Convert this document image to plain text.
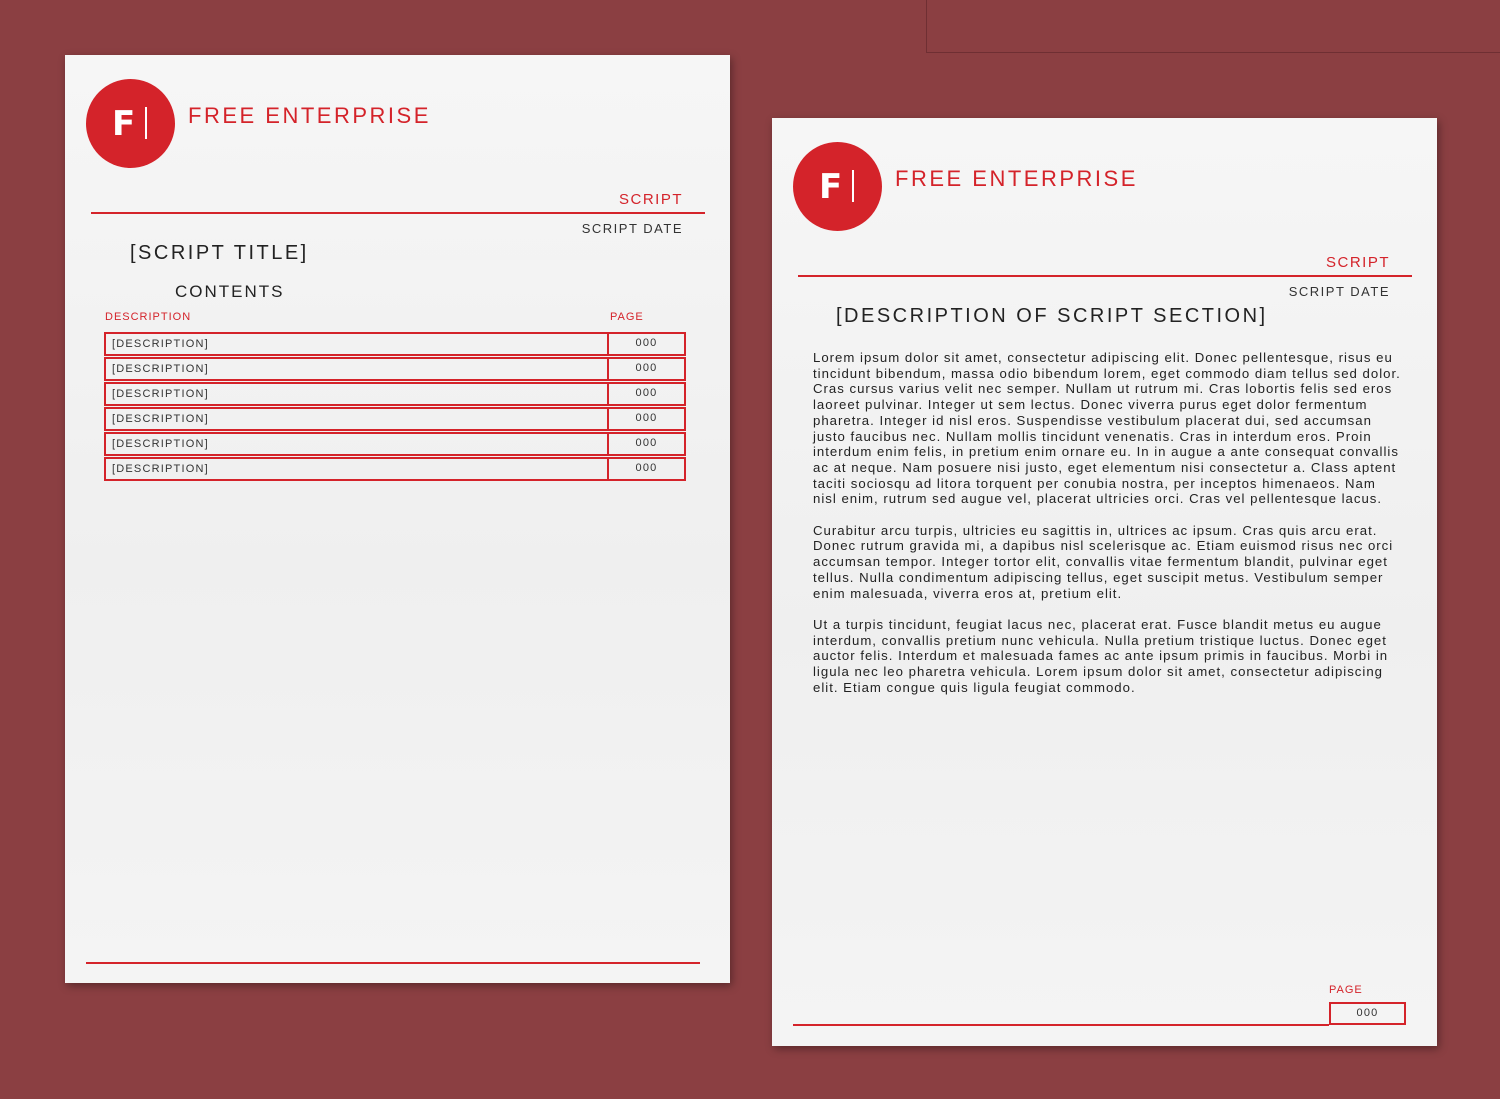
F FREE ENTERPRISE
SCRIPT
SCRIPT DATE
[SCRIPT TITLE]
CONTENTS
DESCRIPTION	PAGE
[DESCRIPTION]	000
[DESCRIPTION]	000
[DESCRIPTION]	000
[DESCRIPTION]	000
[DESCRIPTION]	000
[DESCRIPTION]	000
F FREE ENTERPRISE
SCRIPT
SCRIPT DATE
[DESCRIPTION OF SCRIPT SECTION]

Lorem ipsum dolor sit amet, consectetur adipiscing elit. Donec pellentesque, risus eu tincidunt bibendum, massa odio bibendum lorem, eget commodo diam tellus sed dolor. Cras cursus varius velit nec semper. Nullam ut rutrum mi. Cras lobortis felis sed eros laoreet pulvinar. Integer ut sem lectus. Donec viverra purus eget dolor fermentum pharetra. Integer id nisl eros. Suspendisse vestibulum placerat dui, sed accumsan justo faucibus nec. Nullam mollis tincidunt venenatis. Cras in interdum eros. Proin interdum enim felis, in pretium enim ornare eu. In in augue a ante consequat convallis ac at neque. Nam posuere nisi justo, eget elementum nisi consectetur a. Class aptent taciti sociosqu ad litora torquent per conubia nostra, per inceptos himenaeos. Nam nisl enim, rutrum sed augue vel, placerat ultricies orci. Cras vel pellentesque lacus.

Curabitur arcu turpis, ultricies eu sagittis in, ultrices ac ipsum. Cras quis arcu erat. Donec rutrum gravida mi, a dapibus nisl scelerisque ac. Etiam euismod risus nec orci accumsan tempor. Integer tortor elit, convallis vitae fermentum blandit, pulvinar eget tellus. Nulla condimentum adipiscing tellus, eget suscipit metus. Vestibulum semper enim malesuada, viverra eros at, pretium elit.

Ut a turpis tincidunt, feugiat lacus nec, placerat erat. Fusce blandit metus eu augue interdum, convallis pretium nunc vehicula. Nulla pretium tristique luctus. Donec eget auctor felis. Interdum et malesuada fames ac ante ipsum primis in faucibus. Morbi in ligula nec leo pharetra vehicula. Lorem ipsum dolor sit amet, consectetur adipiscing elit. Etiam congue quis ligula feugiat commodo.

PAGE
000
